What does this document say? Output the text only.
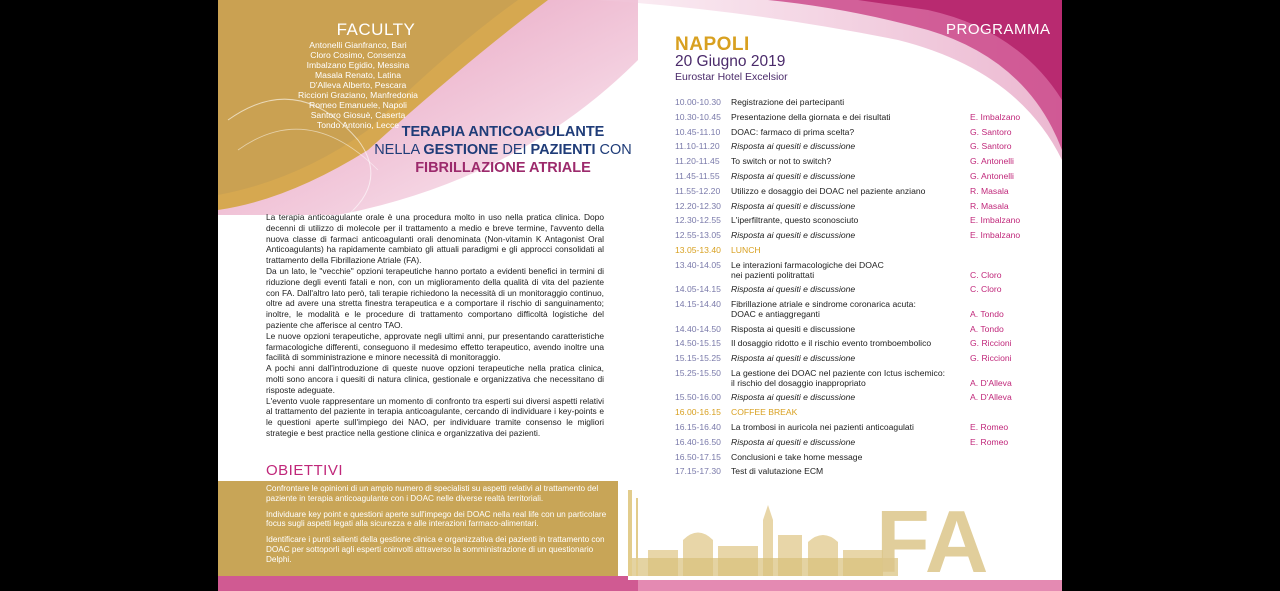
FACULTY
Antonelli Gianfranco, Bari
Cloro Cosimo, Consenza
Imbalzano Egidio, Messina
Masala Renato, Latina
D'Alleva Alberto, Pescara
Riccioni Graziano, Manfredonia
Romeo Emanuele, Napoli
Santoro Giosuè, Caserta
Tondo Antonio, Lecce TERAPIA ANTICOAGULANTE
NELLA GESTIONE DEI PAZIENTI CON
FIBRILLAZIONE ATRIALE

La terapia anticoagulante orale è una procedura molto in uso nella pratica clinica. Dopo decenni di utilizzo di molecole per il trattamento a medio e breve termine, l'avvento della nuova classe di farmaci anticoagulanti orali denominata (Non-vitamin K Antagonist Oral Anticoagulants) ha rapidamente cambiato gli attuali paradigmi e gli approcci consolidati al trattamento della Fibrillazione Atriale (FA).

Da un lato, le "vecchie" opzioni terapeutiche hanno portato a evidenti benefici in termini di riduzione degli eventi fatali e non, con un miglioramento della qualità di vita del paziente con FA. Dall'altro lato però, tali terapie richiedono la necessità di un monitoraggio continuo, oltre ad avere una stretta finestra terapeutica e a comportare il rischio di sanguinamento; inoltre, le modalità e le procedure di trattamento comportano difficoltà logistiche del paziente che afferisce al centro TAO.

Le nuove opzioni terapeutiche, approvate negli ultimi anni, pur presentando caratteristiche farmacologiche differenti, conseguono il medesimo effetto terapeutico, avendo inoltre una facilità di somministrazione e minore necessità di monitoraggio.

A pochi anni dall'introduzione di queste nuove opzioni terapeutiche nella pratica clinica, molti sono ancora i quesiti di natura clinica, gestionale e organizzativa che necessitano di risposte adeguate.

L'evento vuole rappresentare un momento di confronto tra esperti sui diversi aspetti relativi al trattamento del paziente in terapia anticoagulante, cercando di individuare i key-points e le questioni aperte sull'impiego dei NAO, per individuare tramite consenso le migliori strategie e best practice nella gestione clinica e organizzativa dei pazienti.

OBIETTIVI

Confrontare le opinioni di un ampio numero di specialisti su aspetti relativi al trattamento del paziente in terapia anticoagulante con i DOAC nelle diverse realtà territoriali.

Individuare key point e questioni aperte sull'impego dei DOAC nella real life con un particolare focus sugli aspetti legati alla sicurezza e alle interazioni farmaco-alimentari.

Identificare i punti salienti della gestione clinica e organizzativa dei pazienti in trattamento con DOAC per sottoporli agli esperti coinvolti attraverso la somministrazione di un questionario Delphi.

PROGRAMMA
NAPOLI
20 Giugno 2019
Eurostar Hotel Excelsior
10.00-10.30	Registrazione dei partecipanti
10.30-10.45	Presentazione della giornata e dei risultati	E. Imbalzano
10.45-11.10	DOAC: farmaco di prima scelta?	G. Santoro
11.10-11.20	Risposta ai quesiti e discussione	G. Santoro
11.20-11.45	To switch or not to switch?	G. Antonelli
11.45-11.55	Risposta ai quesiti e discussione	G. Antonelli
11.55-12.20	Utilizzo e dosaggio dei DOAC nel paziente anziano	R. Masala
12.20-12.30	Risposta ai quesiti e discussione	R. Masala
12.30-12.55	L'iperfiltrante, questo sconosciuto	E. Imbalzano
12.55-13.05	Risposta ai quesiti e discussione	E. Imbalzano
13.05-13.40	LUNCH
13.40-14.05	Le interazioni farmacologiche dei DOAC
nei pazienti politrattati	C. Cloro
14.05-14.15	Risposta ai quesiti e discussione	C. Cloro
14.15-14.40	Fibrillazione atriale e sindrome coronarica acuta:
DOAC e antiaggreganti	A. Tondo
14.40-14.50	Risposta ai quesiti e discussione	A. Tondo
14.50-15.15	Il dosaggio ridotto e il rischio evento tromboembolico	G. Riccioni
15.15-15.25	Risposta ai quesiti e discussione	G. Riccioni
15.25-15.50	La gestione dei DOAC nel paziente con Ictus ischemico:
il rischio del dosaggio inappropriato	A. D'Alleva
15.50-16.00	Risposta ai quesiti e discussione	A. D'Alleva
16.00-16.15	COFFEE BREAK
16.15-16.40	La trombosi in auricola nei pazienti anticoagulati	E. Romeo
16.40-16.50	Risposta ai quesiti e discussione	E. Romeo
16.50-17.15	Conclusioni e take home message
17.15-17.30	Test di valutazione ECM
FA
